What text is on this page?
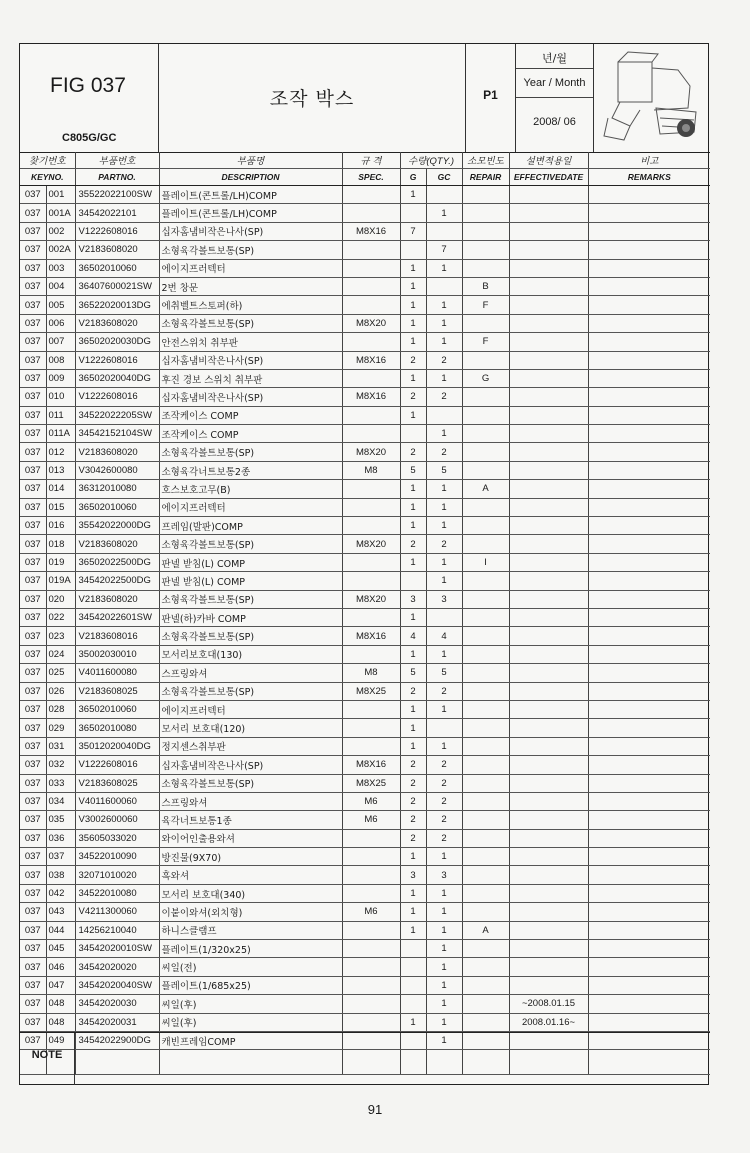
FIG 037
C805G/GC
조작 박스	P1
년/월
Year / Month
2008/ 06
찾기번호		부품번호	부품명	규 격	수량(QTY.)		소모빈도	설변적용일	비고
KEYNO.		PARTNO.	DESCRIPTION	SPEC.	G	GC	REPAIR	EFFECTIVEDATE	REMARKS
037	001	35522022100SW	플레이트(콘트롤/LH)COMP		1				
037	001A	34542022101	플레이트(콘트롤/LH)COMP			1			
037	002	V1222608016	십자홈냄비작은나사(SP)	M8X16	7				
037	002A	V2183608020	소형육각볼트보통(SP)			7			
037	003	36502010060	에이지프러텍터		1	1			
037	004	36407600021SW	2번 창문		1		B		
037	005	36522020013DG	에취벨트스토퍼(하)		1	1	F		
037	006	V2183608020	소형육각볼트보통(SP)	M8X20	1	1			
037	007	36502020030DG	안전스위치 취부판		1	1	F		
037	008	V1222608016	십자홈냄비작은나사(SP)	M8X16	2	2			
037	009	36502020040DG	후진 경보 스위치 취부판		1	1	G		
037	010	V1222608016	십자홈냄비작은나사(SP)	M8X16	2	2			
037	011	34522022205SW	조작케이스 COMP		1				
037	011A	34542152104SW	조작케이스 COMP			1			
037	012	V2183608020	소형육각볼트보통(SP)	M8X20	2	2			
037	013	V3042600080	소형육각너트보통2종	M8	5	5			
037	014	36312010080	호스보호고무(B)		1	1	A		
037	015	36502010060	에이지프러텍터		1	1			
037	016	35542022000DG	프레임(발판)COMP		1	1			
037	018	V2183608020	소형육각볼트보통(SP)	M8X20	2	2			
037	019	36502022500DG	판넬 받침(L) COMP		1	1	I		
037	019A	34542022500DG	판넬 받침(L) COMP			1			
037	020	V2183608020	소형육각볼트보통(SP)	M8X20	3	3			
037	022	34542022601SW	판넬(하)카바 COMP		1				
037	023	V2183608016	소형육각볼트보통(SP)	M8X16	4	4			
037	024	35002030010	모서리보호대(130)		1	1			
037	025	V4011600080	스프링와셔	M8	5	5			
037	026	V2183608025	소형육각볼트보통(SP)	M8X25	2	2			
037	028	36502010060	에이지프러텍터		1	1			
037	029	36502010080	모서리 보호대(120)		1				
037	031	35012020040DG	정지센스취부판		1	1			
037	032	V1222608016	십자홈냄비작은나사(SP)	M8X16	2	2			
037	033	V2183608025	소형육각볼트보통(SP)	M8X25	2	2			
037	034	V4011600060	스프링와셔	M6	2	2			
037	035	V3002600060	육각너트보통1종	M6	2	2			
037	036	35605033020	와이어인출용와셔		2	2			
037	037	34522010090	방진물(9X70)		1	1			
037	038	32071010020	흑와셔		3	3			
037	042	34522010080	모서리 보호대(340)		1	1			
037	043	V4211300060	이붙이와셔(외치형)	M6	1	1			
037	044	14256210040	하니스클램프		1	1	A		
037	045	34542020010SW	플레이트(1/320x25)			1			
037	046	34542020020	씨일(전)			1			
037	047	34542020040SW	플레이트(1/685x25)			1			
037	048	34542020030	씨일(후)			1		~2008.01.15	
037	048	34542020031	씨일(후)		1	1		2008.01.16~	
037	049	34542022900DG	캐빈프레임COMP			1			

NOTE
91
